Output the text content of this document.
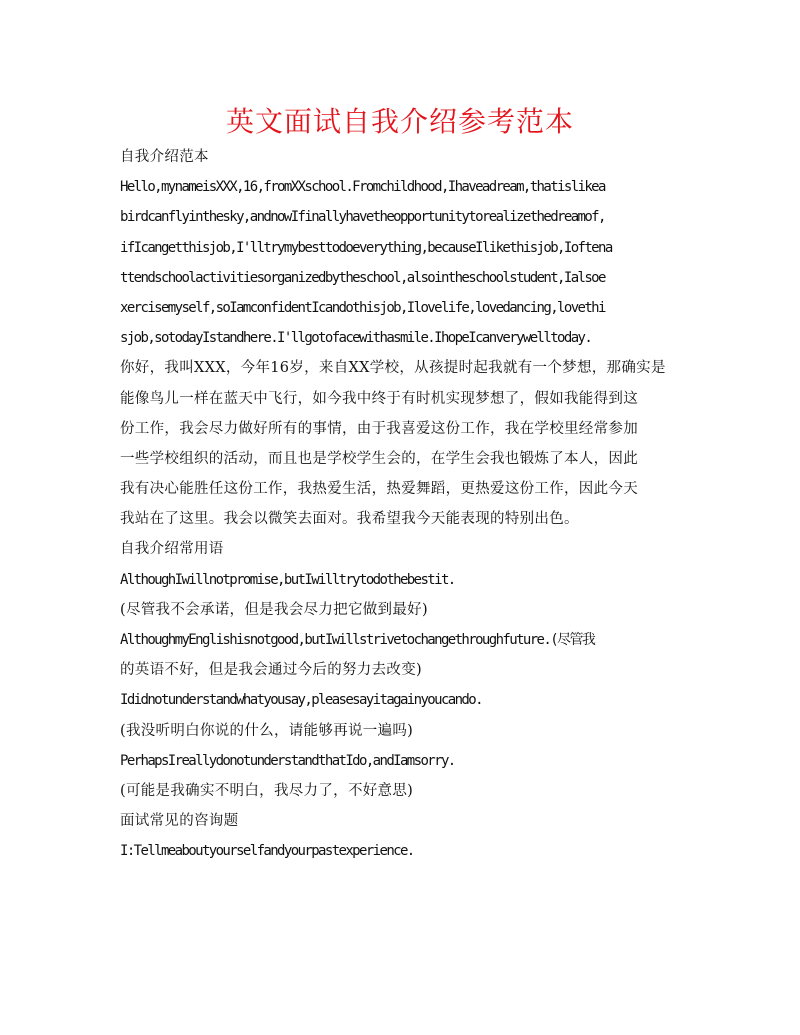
英文面试自我介绍参考范本
自我介绍范本
Hello,mynameisXXX,16,fromXXschool.Fromchildhood,Ihaveadream,thatislikea
birdcanflyinthesky,andnowIfinallyhavetheopportunitytorealizethedreamof,
ifIcangetthisjob,I'lltrymybesttodoeverything,becauseIlikethisjob,Ioftena
ttendschoolactivitiesorganizedbytheschool,alsointheschoolstudent,Ialsoe
xercisemyself,soIamconfidentIcandothisjob,Ilovelife,lovedancing,lovethi
sjob,sotodayIstandhere.I'llgotofacewithasmile.IhopeIcanverywelltoday.
你好，我叫XXX，今年16岁，来自XX学校，从孩提时起我就有一个梦想，那确实是
能像鸟儿一样在蓝天中飞行，如今我中终于有时机实现梦想了，假如我能得到这
份工作，我会尽力做好所有的事情，由于我喜爱这份工作，我在学校里经常参加
一些学校组织的活动，而且也是学校学生会的，在学生会我也锻炼了本人，因此
我有决心能胜任这份工作，我热爱生活，热爱舞蹈，更热爱这份工作，因此今天
我站在了这里。我会以微笑去面对。我希望我今天能表现的特别出色。
自我介绍常用语
AlthoughIwillnotpromise,butIwilltrytodothebestit.
(尽管我不会承诺，但是我会尽力把它做到最好)
AlthoughmyEnglishisnotgood,butIwillstrivetochangethroughfuture.(尽管我
的英语不好，但是我会通过今后的努力去改变)
Ididnotunderstandwhatyousay,pleasesayitagainyoucando.
(我没听明白你说的什么，请能够再说一遍吗)
PerhapsIreallydonotunderstandthatIdo,andIamsorry.
(可能是我确实不明白，我尽力了，不好意思)
面试常见的咨询题
I:Tellmeaboutyourselfandyourpastexperience.
